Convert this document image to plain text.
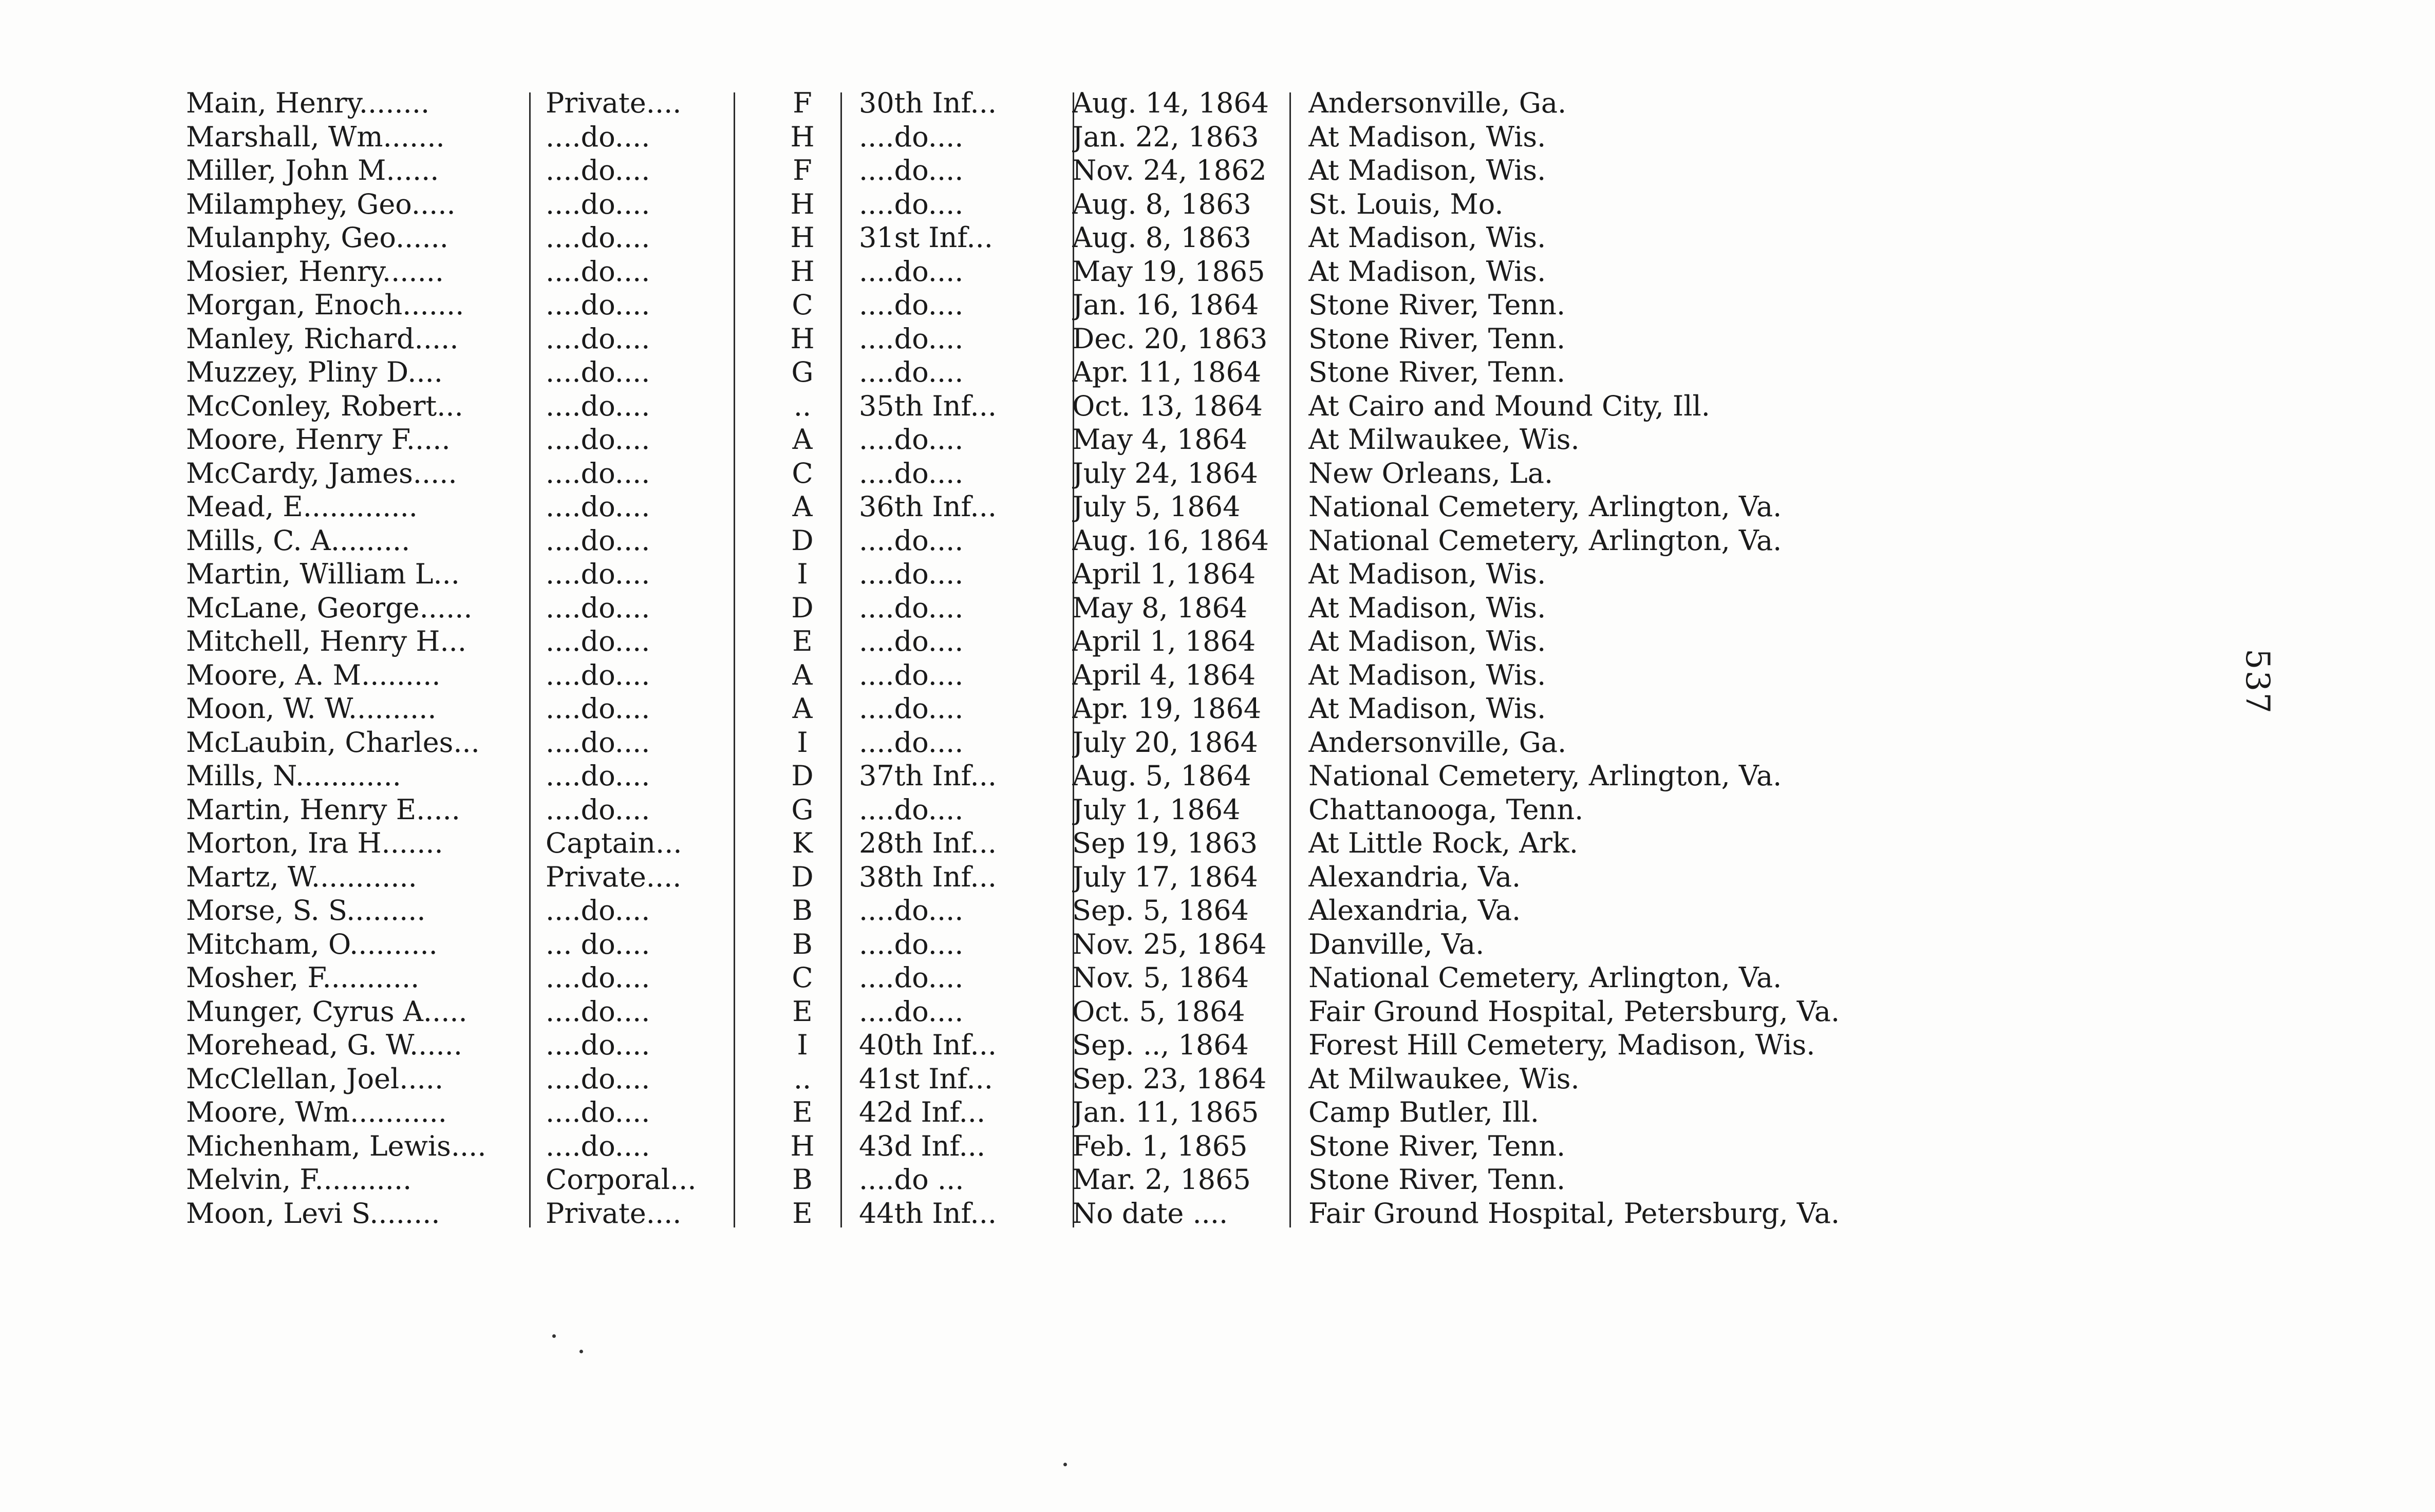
Main, Henry........	Private....	F	30th Inf...	Aug. 14, 1864	Andersonville, Ga.
Marshall, Wm.......	....do....	H	....do....	Jan. 22, 1863	At Madison, Wis.
Miller, John M......	....do....	F	....do....	Nov. 24, 1862	At Madison, Wis.
Milamphey, Geo.....	....do....	H	....do....	Aug. 8, 1863	St. Louis, Mo.
Mulanphy, Geo......	....do....	H	31st Inf...	Aug. 8, 1863	At Madison, Wis.
Mosier, Henry.......	....do....	H	....do....	May 19, 1865	At Madison, Wis.
Morgan, Enoch.......	....do....	C	....do....	Jan. 16, 1864	Stone River, Tenn.
Manley, Richard.....	....do....	H	....do....	Dec. 20, 1863	Stone River, Tenn.
Muzzey, Pliny D....	....do....	G	....do....	Apr. 11, 1864	Stone River, Tenn.
McConley, Robert...	....do....	..	35th Inf...	Oct. 13, 1864	At Cairo and Mound City, Ill.
Moore, Henry F.....	....do....	A	....do....	May 4, 1864	At Milwaukee, Wis.
McCardy, James.....	....do....	C	....do....	July 24, 1864	New Orleans, La.
Mead, E.............	....do....	A	36th Inf...	July 5, 1864	National Cemetery, Arlington, Va.
Mills, C. A.........	....do....	D	....do....	Aug. 16, 1864	National Cemetery, Arlington, Va.
Martin, William L...	....do....	I	....do....	April 1, 1864	At Madison, Wis.
McLane, George......	....do....	D	....do....	May 8, 1864	At Madison, Wis.
Mitchell, Henry H...	....do....	E	....do....	April 1, 1864	At Madison, Wis.
Moore, A. M.........	....do....	A	....do....	April 4, 1864	At Madison, Wis.
Moon, W. W..........	....do....	A	....do....	Apr. 19, 1864	At Madison, Wis.
McLaubin, Charles...	....do....	I	....do....	July 20, 1864	Andersonville, Ga.
Mills, N............	....do....	D	37th Inf...	Aug. 5, 1864	National Cemetery, Arlington, Va.
Martin, Henry E.....	....do....	G	....do....	July 1, 1864	Chattanooga, Tenn.
Morton, Ira H.......	Captain...	K	28th Inf...	Sep 19, 1863	At Little Rock, Ark.
Martz, W............	Private....	D	38th Inf...	July 17, 1864	Alexandria, Va.
Morse, S. S.........	....do....	B	....do....	Sep. 5, 1864	Alexandria, Va.
Mitcham, O..........	... do....	B	....do....	Nov. 25, 1864	Danville, Va.
Mosher, F...........	....do....	C	....do....	Nov. 5, 1864	National Cemetery, Arlington, Va.
Munger, Cyrus A.....	....do....	E	....do....	Oct. 5, 1864	Fair Ground Hospital, Petersburg, Va.
Morehead, G. W......	....do....	I	40th Inf...	Sep. .., 1864	Forest Hill Cemetery, Madison, Wis.
McClellan, Joel.....	....do....	..	41st Inf...	Sep. 23, 1864	At Milwaukee, Wis.
Moore, Wm...........	....do....	E	42d Inf...	Jan. 11, 1865	Camp Butler, Ill.
Michenham, Lewis....	....do....	H	43d Inf...	Feb. 1, 1865	Stone River, Tenn.
Melvin, F...........	Corporal...	B	....do ...	Mar. 2, 1865	Stone River, Tenn.
Moon, Levi S........	Private....	E	44th Inf...	No date ....	Fair Ground Hospital, Petersburg, Va.
537
